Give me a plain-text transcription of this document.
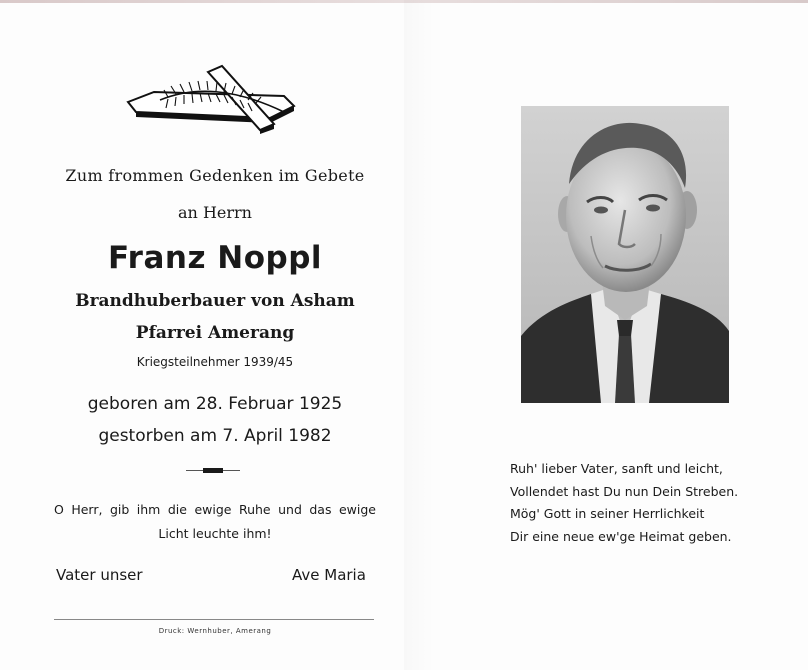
Zum frommen Gedenken im Gebete
an Herrn
Franz Noppl
Brandhuberbauer von Asham
Pfarrei Amerang
Kriegsteilnehmer 1939/45
geboren am 28. Februar 1925
gestorben am 7. April 1982
O Herr, gib ihm die ewige Ruhe und das ewige Licht leuchte ihm!
Vater unser	Ave Maria
Druck: Wernhuber, Amerang
Ruh' lieber Vater, sanft und leicht,
Vollendet hast Du nun Dein Streben.
Mög' Gott in seiner Herrlichkeit
Dir eine neue ew'ge Heimat geben.
